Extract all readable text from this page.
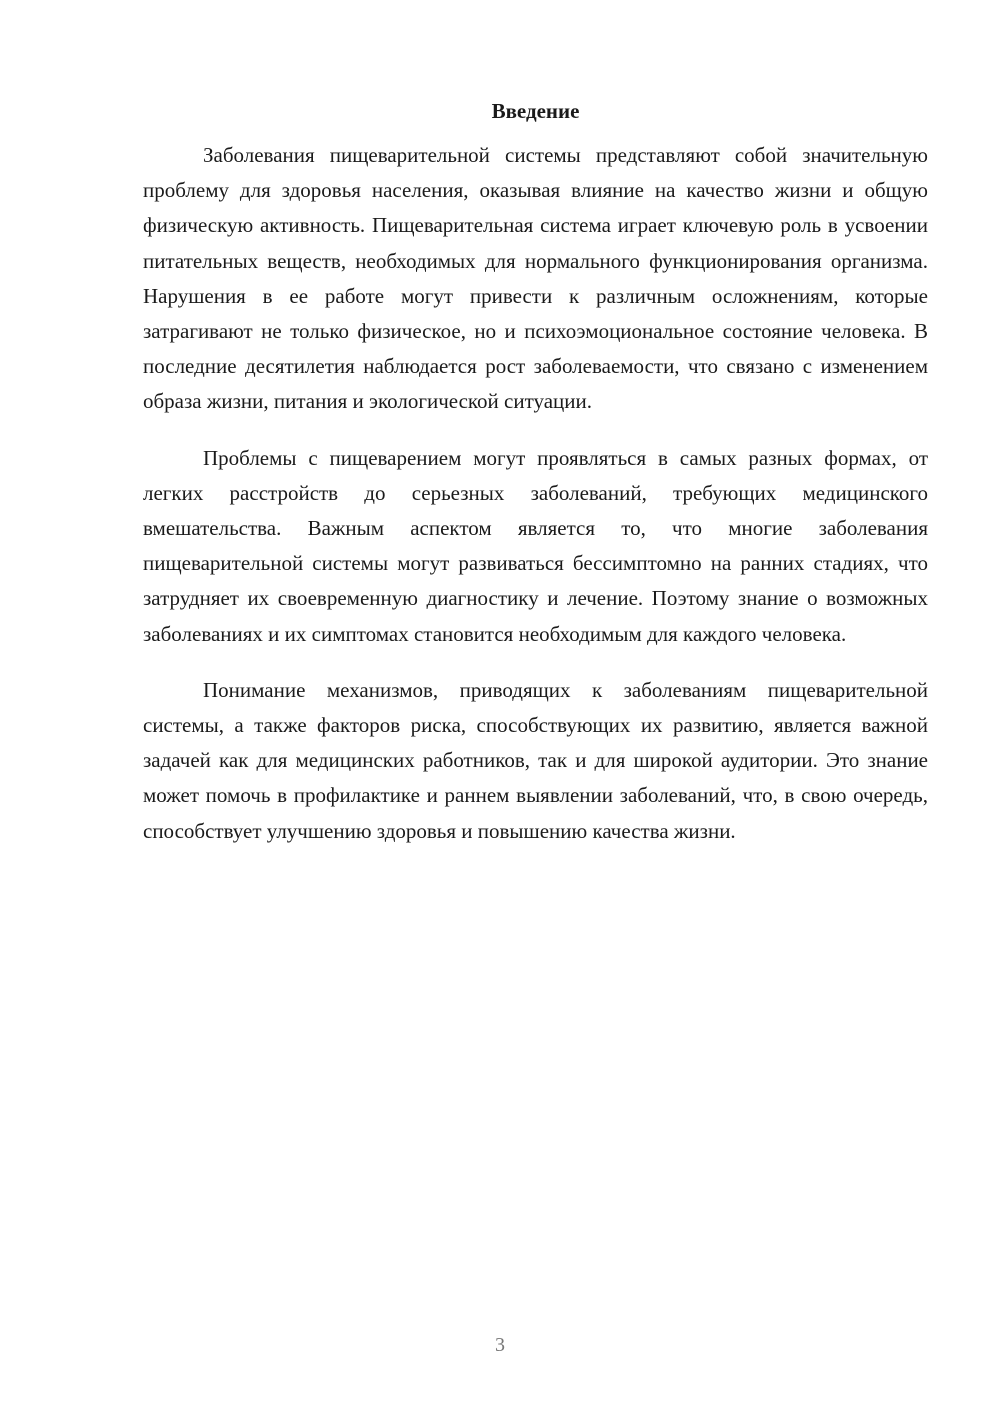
Введение

Заболевания пищеварительной системы представляют собой значительную проблему для здоровья населения, оказывая влияние на качество жизни и общую физическую активность. Пищеварительная система играет ключевую роль в усвоении питательных веществ, необходимых для нормального функционирования организма. Нарушения в ее работе могут привести к различным осложнениям, которые затрагивают не только физическое, но и психоэмоциональное состояние человека. В последние десятилетия наблюдается рост заболеваемости, что связано с изменением образа жизни, питания и экологической ситуации.

Проблемы с пищеварением могут проявляться в самых разных формах, от легких расстройств до серьезных заболеваний, требующих медицинского вмешательства. Важным аспектом является то, что многие заболевания пищеварительной системы могут развиваться бессимптомно на ранних стадиях, что затрудняет их своевременную диагностику и лечение. Поэтому знание о возможных заболеваниях и их симптомах становится необходимым для каждого человека.

Понимание механизмов, приводящих к заболеваниям пищеварительной системы, а также факторов риска, способствующих их развитию, является важной задачей как для медицинских работников, так и для широкой аудитории. Это знание может помочь в профилактике и раннем выявлении заболеваний, что, в свою очередь, способствует улучшению здоровья и повышению качества жизни.

3
